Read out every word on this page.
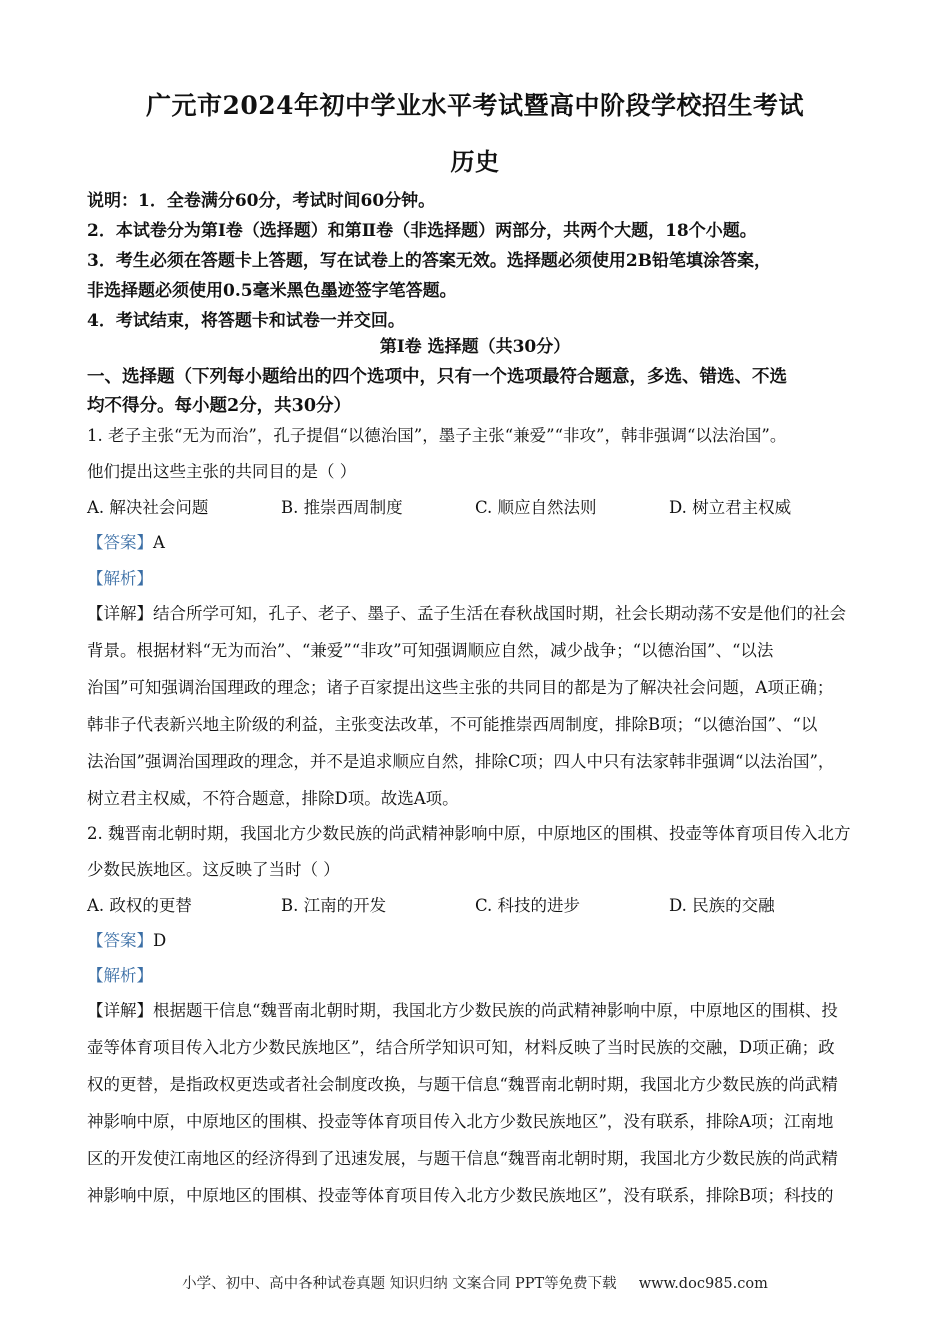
广元市2024年初中学业水平考试暨高中阶段学校招生考试
历史
说明：1．全卷满分60分，考试时间60分钟。
2．本试卷分为第Ⅰ卷（选择题）和第Ⅱ卷（非选择题）两部分，共两个大题，18个小题。
3．考生必须在答题卡上答题，写在试卷上的答案无效。选择题必须使用2B铅笔填涂答案，
非选择题必须使用0.5毫米黑色墨迹签字笔答题。
4．考试结束，将答题卡和试卷一并交回。
第Ⅰ卷 选择题（共30分）
一、选择题（下列每小题给出的四个选项中，只有一个选项最符合题意，多选、错选、不选
均不得分。每小题2分，共30分）
1. 老子主张“无为而治”，孔子提倡“以德治国”，墨子主张“兼爱”“非攻”，韩非强调“以法治国”。
他们提出这些主张的共同目的是（ ）
A. 解决社会问题	B. 推崇西周制度	C. 顺应自然法则	D. 树立君主权威
【答案】A
【解析】
【详解】结合所学可知，孔子、老子、墨子、孟子生活在春秋战国时期，社会长期动荡不安是他们的社会
背景。根据材料“无为而治”、“兼爱”“非攻”可知强调顺应自然，减少战争；“以德治国”、“以法
治国”可知强调治国理政的理念；诸子百家提出这些主张的共同目的都是为了解决社会问题，A项正确；
韩非子代表新兴地主阶级的利益，主张变法改革，不可能推崇西周制度，排除B项；“以德治国”、“以
法治国”强调治国理政的理念，并不是追求顺应自然，排除C项；四人中只有法家韩非强调“以法治国”，
树立君主权威，不符合题意，排除D项。故选A项。
2. 魏晋南北朝时期，我国北方少数民族的尚武精神影响中原，中原地区的围棋、投壶等体育项目传入北方
少数民族地区。这反映了当时（ ）
A. 政权的更替	B. 江南的开发	C. 科技的进步	D. 民族的交融
【答案】D
【解析】
【详解】根据题干信息“魏晋南北朝时期，我国北方少数民族的尚武精神影响中原，中原地区的围棋、投
壶等体育项目传入北方少数民族地区”，结合所学知识可知，材料反映了当时民族的交融，D项正确；政
权的更替，是指政权更迭或者社会制度改换，与题干信息“魏晋南北朝时期，我国北方少数民族的尚武精
神影响中原，中原地区的围棋、投壶等体育项目传入北方少数民族地区”，没有联系，排除A项；江南地
区的开发使江南地区的经济得到了迅速发展，与题干信息“魏晋南北朝时期，我国北方少数民族的尚武精
神影响中原，中原地区的围棋、投壶等体育项目传入北方少数民族地区”，没有联系，排除B项；科技的
小学、初中、高中各种试卷真题 知识归纳 文案合同 PPT等免费下载 www.doc985.com
